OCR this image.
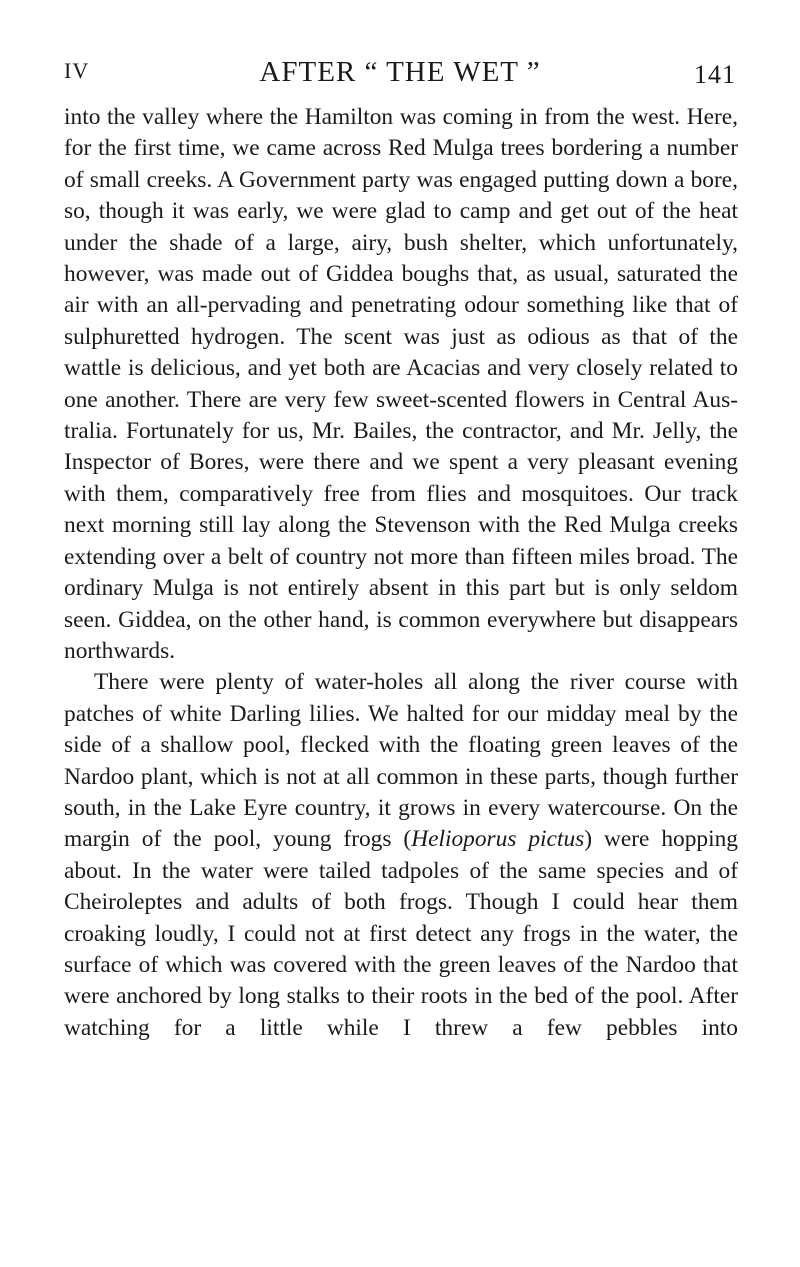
IV	AFTER “ THE WET ”	141

into the valley where the Hamilton was coming in from the west. Here, for the first time, we came across Red Mulga trees bordering a number of small creeks. A Government party was engaged putting down a bore, so, though it was early, we were glad to camp and get out of the heat under the shade of a large, airy, bush shelter, which unfortunately, however, was made out of Giddea boughs that, as usual, saturated the air with an all-pervading and penetrating odour something like that of sulphuretted hydrogen. The scent was just as odious as that of the wattle is delicious, and yet both are Acacias and very closely related to one another. There are very few sweet-scented flowers in Central Aus-tralia. Fortunately for us, Mr. Bailes, the contractor, and Mr. Jelly, the Inspector of Bores, were there and we spent a very pleasant evening with them, comparatively free from flies and mosquitoes. Our track next morning still lay along the Stevenson with the Red Mulga creeks extending over a belt of country not more than fifteen miles broad. The ordinary Mulga is not entirely absent in this part but is only seldom seen. Giddea, on the other hand, is common everywhere but disappears northwards.

There were plenty of water-holes all along the river course with patches of white Darling lilies. We halted for our midday meal by the side of a shallow pool, flecked with the floating green leaves of the Nardoo plant, which is not at all common in these parts, though further south, in the Lake Eyre country, it grows in every watercourse. On the margin of the pool, young frogs (Helioporus pictus) were hopping about. In the water were tailed tadpoles of the same species and of Cheiroleptes and adults of both frogs. Though I could hear them croaking loudly, I could not at first detect any frogs in the water, the surface of which was covered with the green leaves of the Nardoo that were anchored by long stalks to their roots in the bed of the pool. After watching for a little while I threw a few pebbles into
